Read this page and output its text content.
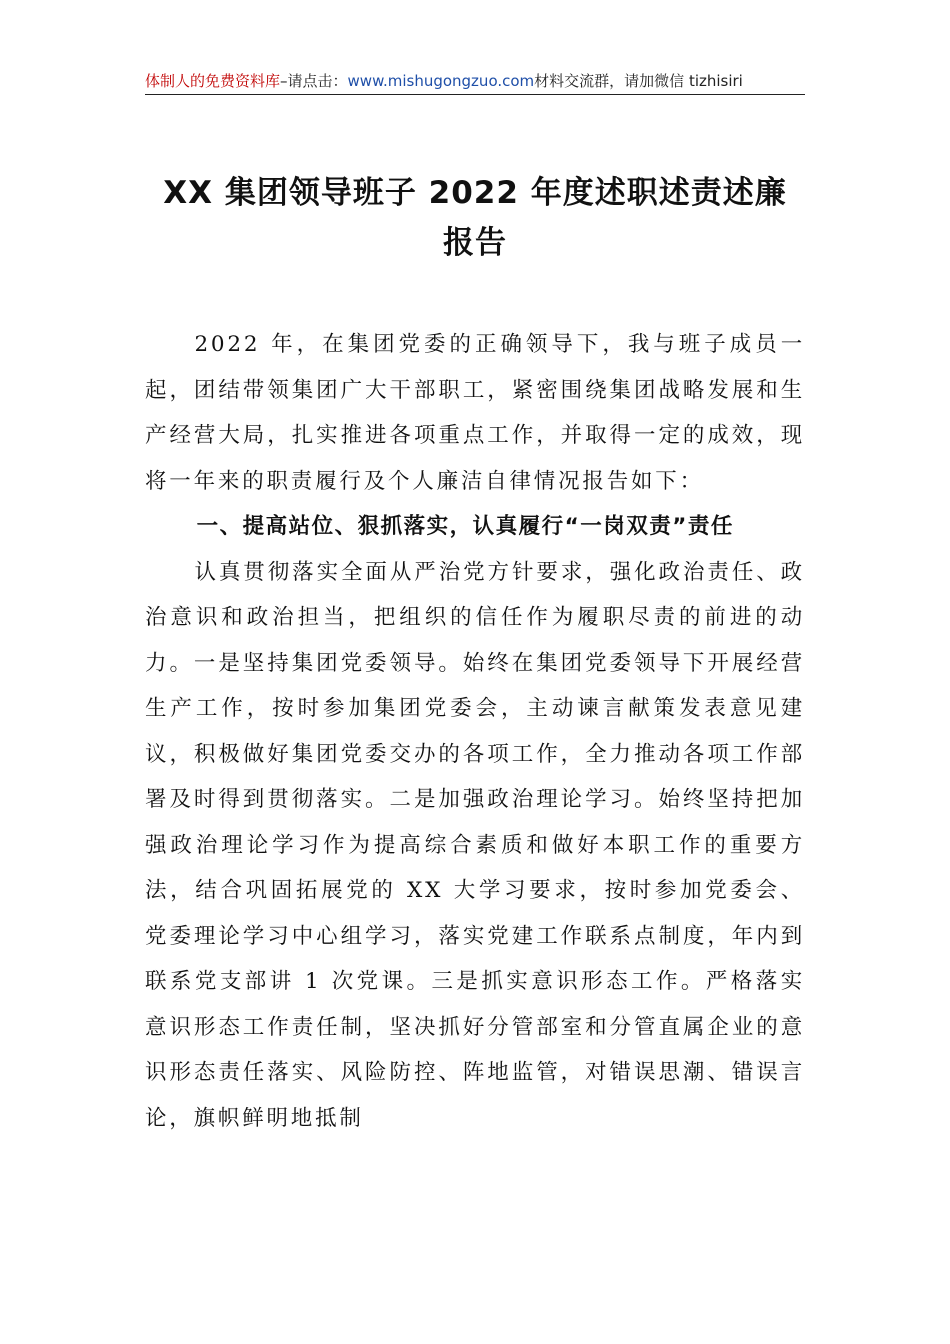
体制人的免费资料库–请点击：www.mishugongzuo.com材料交流群，请加微信 tizhisiri
XX 集团领导班子 2022 年度述职述责述廉报告

2022 年，在集团党委的正确领导下，我与班子成员一起，团结带领集团广大干部职工，紧密围绕集团战略发展和生产经营大局，扎实推进各项重点工作，并取得一定的成效，现将一年来的职责履行及个人廉洁自律情况报告如下：

一、提高站位、狠抓落实，认真履行“一岗双责”责任

认真贯彻落实全面从严治党方针要求，强化政治责任、政治意识和政治担当，把组织的信任作为履职尽责的前进的动力。一是坚持集团党委领导。始终在集团党委领导下开展经营生产工作，按时参加集团党委会，主动谏言献策发表意见建议，积极做好集团党委交办的各项工作，全力推动各项工作部署及时得到贯彻落实。二是加强政治理论学习。始终坚持把加强政治理论学习作为提高综合素质和做好本职工作的重要方法，结合巩固拓展党的 XX 大学习要求，按时参加党委会、党委理论学习中心组学习，落实党建工作联系点制度，年内到联系党支部讲 1 次党课。三是抓实意识形态工作。严格落实意识形态工作责任制，坚决抓好分管部室和分管直属企业的意识形态责任落实、风险防控、阵地监管，对错误思潮、错误言论，旗帜鲜明地抵制
